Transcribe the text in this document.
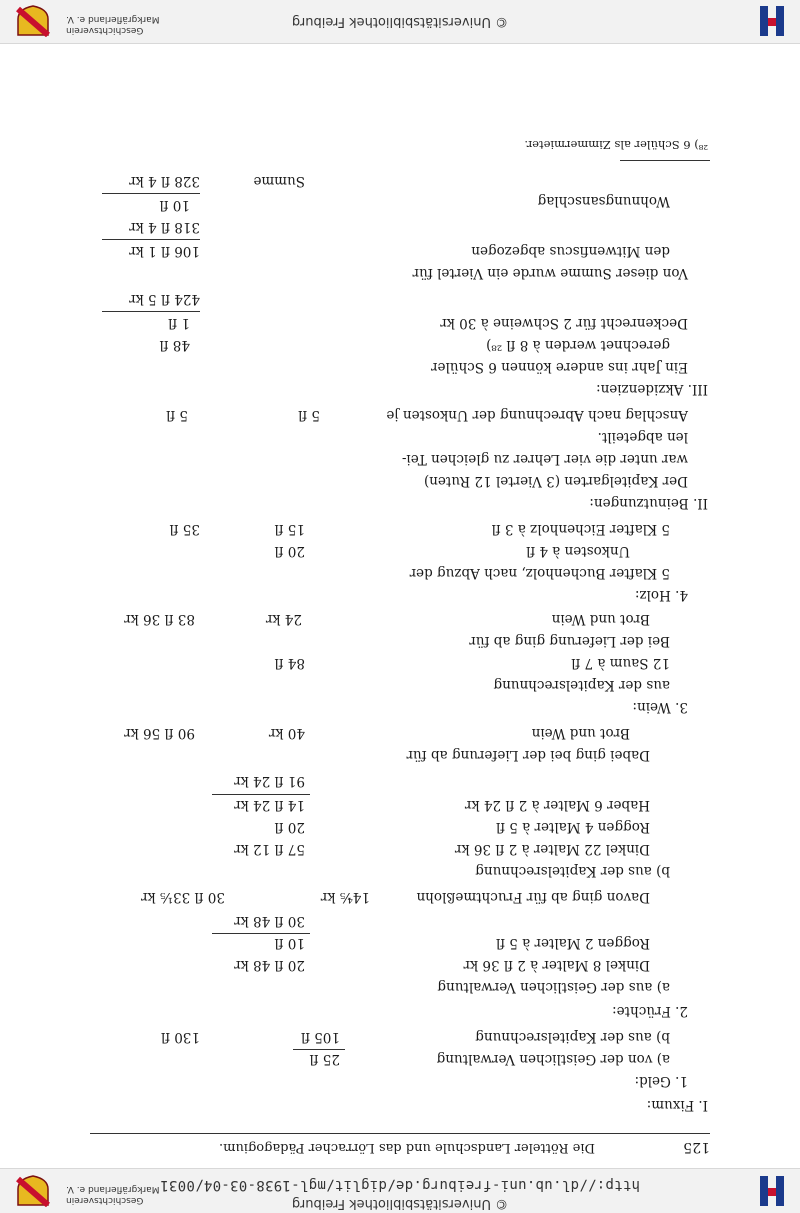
© Universitätsbibliothek Freiburg
http://dl.ub.uni-freiburg.de/diglit/mgl-1938-03-04/0031
Geschichtsverein
Markgräflerland e. V.
125
Die Rötteler Landschule und das Lörracher Pädagogium.
I. Fixum:
1. Geld:
a) von der Geistlichen Verwaltung
25 fl
b) aus der Kapitelsrechnung
105 fl
130 fl
2. Früchte:
a) aus der Geistlichen Verwaltung
Dinkel 8 Malter à 2 fl 36 kr
20 fl 48 kr
Roggen 2 Malter à 5 fl
10 fl
30 fl 48 kr
Davon ging ab für Fruchtmeßlohn
14⅘ kr
30 fl 33⅕ kr
b) aus der Kapitelsrechnung
Dinkel 22 Malter à 2 fl 36 kr
57 fl 12 kr
Roggen 4 Malter à 5 fl
20 fl
Haber 6 Malter à 2 fl 24 kr
14 fl 24 kr
91 fl 24 kr
Dabei ging bei der Lieferung ab für
Brot und Wein
40 kr
90 fl 56 kr
3. Wein:
aus der Kapitelsrechnung
12 Saum à 7 fl
84 fl
Bei der Lieferung ging ab für
Brot und Wein
24 kr
83 fl 36 kr
4. Holz:
5 Klafter Buchenholz, nach Abzug der
Unkosten à 4 fl
20 fl
5 Klafter Eichenholz à 3 fl
15 fl
35 fl
II. Beinutzungen:
Der Kapitelgarten (3 Viertel 12 Ruten)
war unter die vier Lehrer zu gleichen Tei-
len abgeteilt.
Anschlag nach Abrechnung der Unkosten je
5 fl
5 fl
III. Akzidenzien:
Ein Jahr ins andere können 6 Schüler
gerechnet werden à 8 fl ²⁸)
48 fl
Deckenrecht für 2 Schweine à 30 kr
1 fl
424 fl 5 kr
Von dieser Summe wurde ein Viertel für
den Mitwenfiscus abgezogen
106 fl 1 kr
318 fl 4 kr
Wohnungsanschlag
10 fl
Summe
328 fl 4 kr
²⁸) 6 Schüler als Zimmermieter.
© Universitätsbibliothek Freiburg
Geschichtsverein
Markgräflerland e. V.
